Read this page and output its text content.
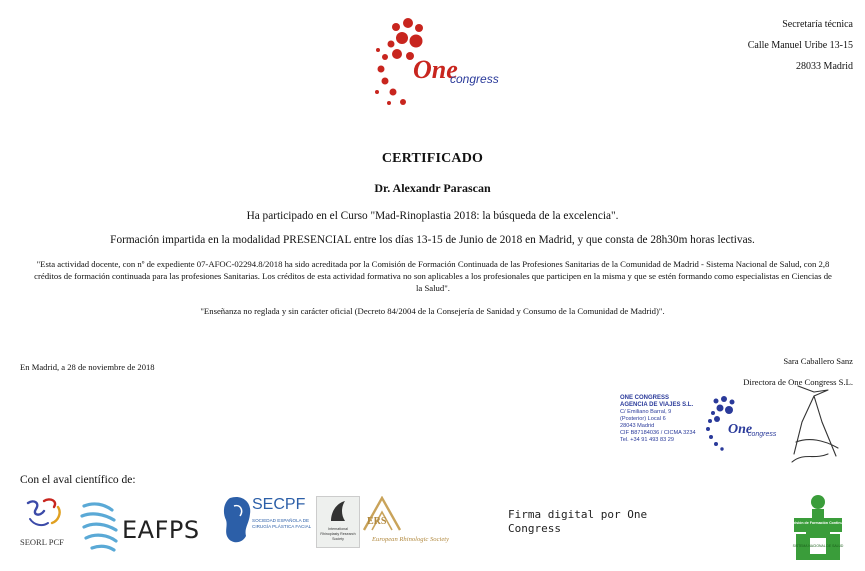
Secretaría técnica
Calle Manuel Uribe 13-15
28033 Madrid
One
congress
CERTIFICADO
Dr. Alexandr Parascan
Ha participado en el Curso "Mad-Rinoplastia 2018: la búsqueda de la excelencia".
Formación impartida en la modalidad PRESENCIAL entre los días 13-15 de Junio de 2018 en Madrid, y que consta de 28h30m horas lectivas.
"Esta actividad docente, con nº de expediente 07-AFOC-02294.8/2018 ha sido acreditada por la Comisión de Formación Continuada de las Profesiones Sanitarias de la Comunidad de Madrid - Sistema Nacional de Salud, con 2,8 créditos de formación continuada para las profesiones Sanitarias. Los créditos de esta actividad formativa no son aplicables a los profesionales que participen en la misma y que se estén formando como especialistas en Ciencias de la Salud".
"Enseñanza no reglada y sin carácter oficial (Decreto 84/2004 de la Consejería de Sanidad y Consumo de la Comunidad de Madrid)".
En Madrid, a 28 de noviembre de 2018
Sara Caballero Sanz
Directora de One Congress S.L.
ONE CONGRESS
AGENCIA DE VIAJES S.L.
C/ Emiliano Barral, 9
(Posterior) Local 6
28043 Madrid
CIF B87184036 / CICMA 3234
Tel. +34 91 493 83 29
One
congress
Con el aval científico de:
SEORL PCF EAFPS
SECPF
SOCIEDAD ESPAÑOLA DE
CIRUGÍA PLÁSTICA FACIAL	International
Rhinoplasty Research
Society
ERS
European Rhinologic Society
Firma digital por One
Congress	Comisión de Formación Continuada
SISTEMA NACIONAL DE SALUD
